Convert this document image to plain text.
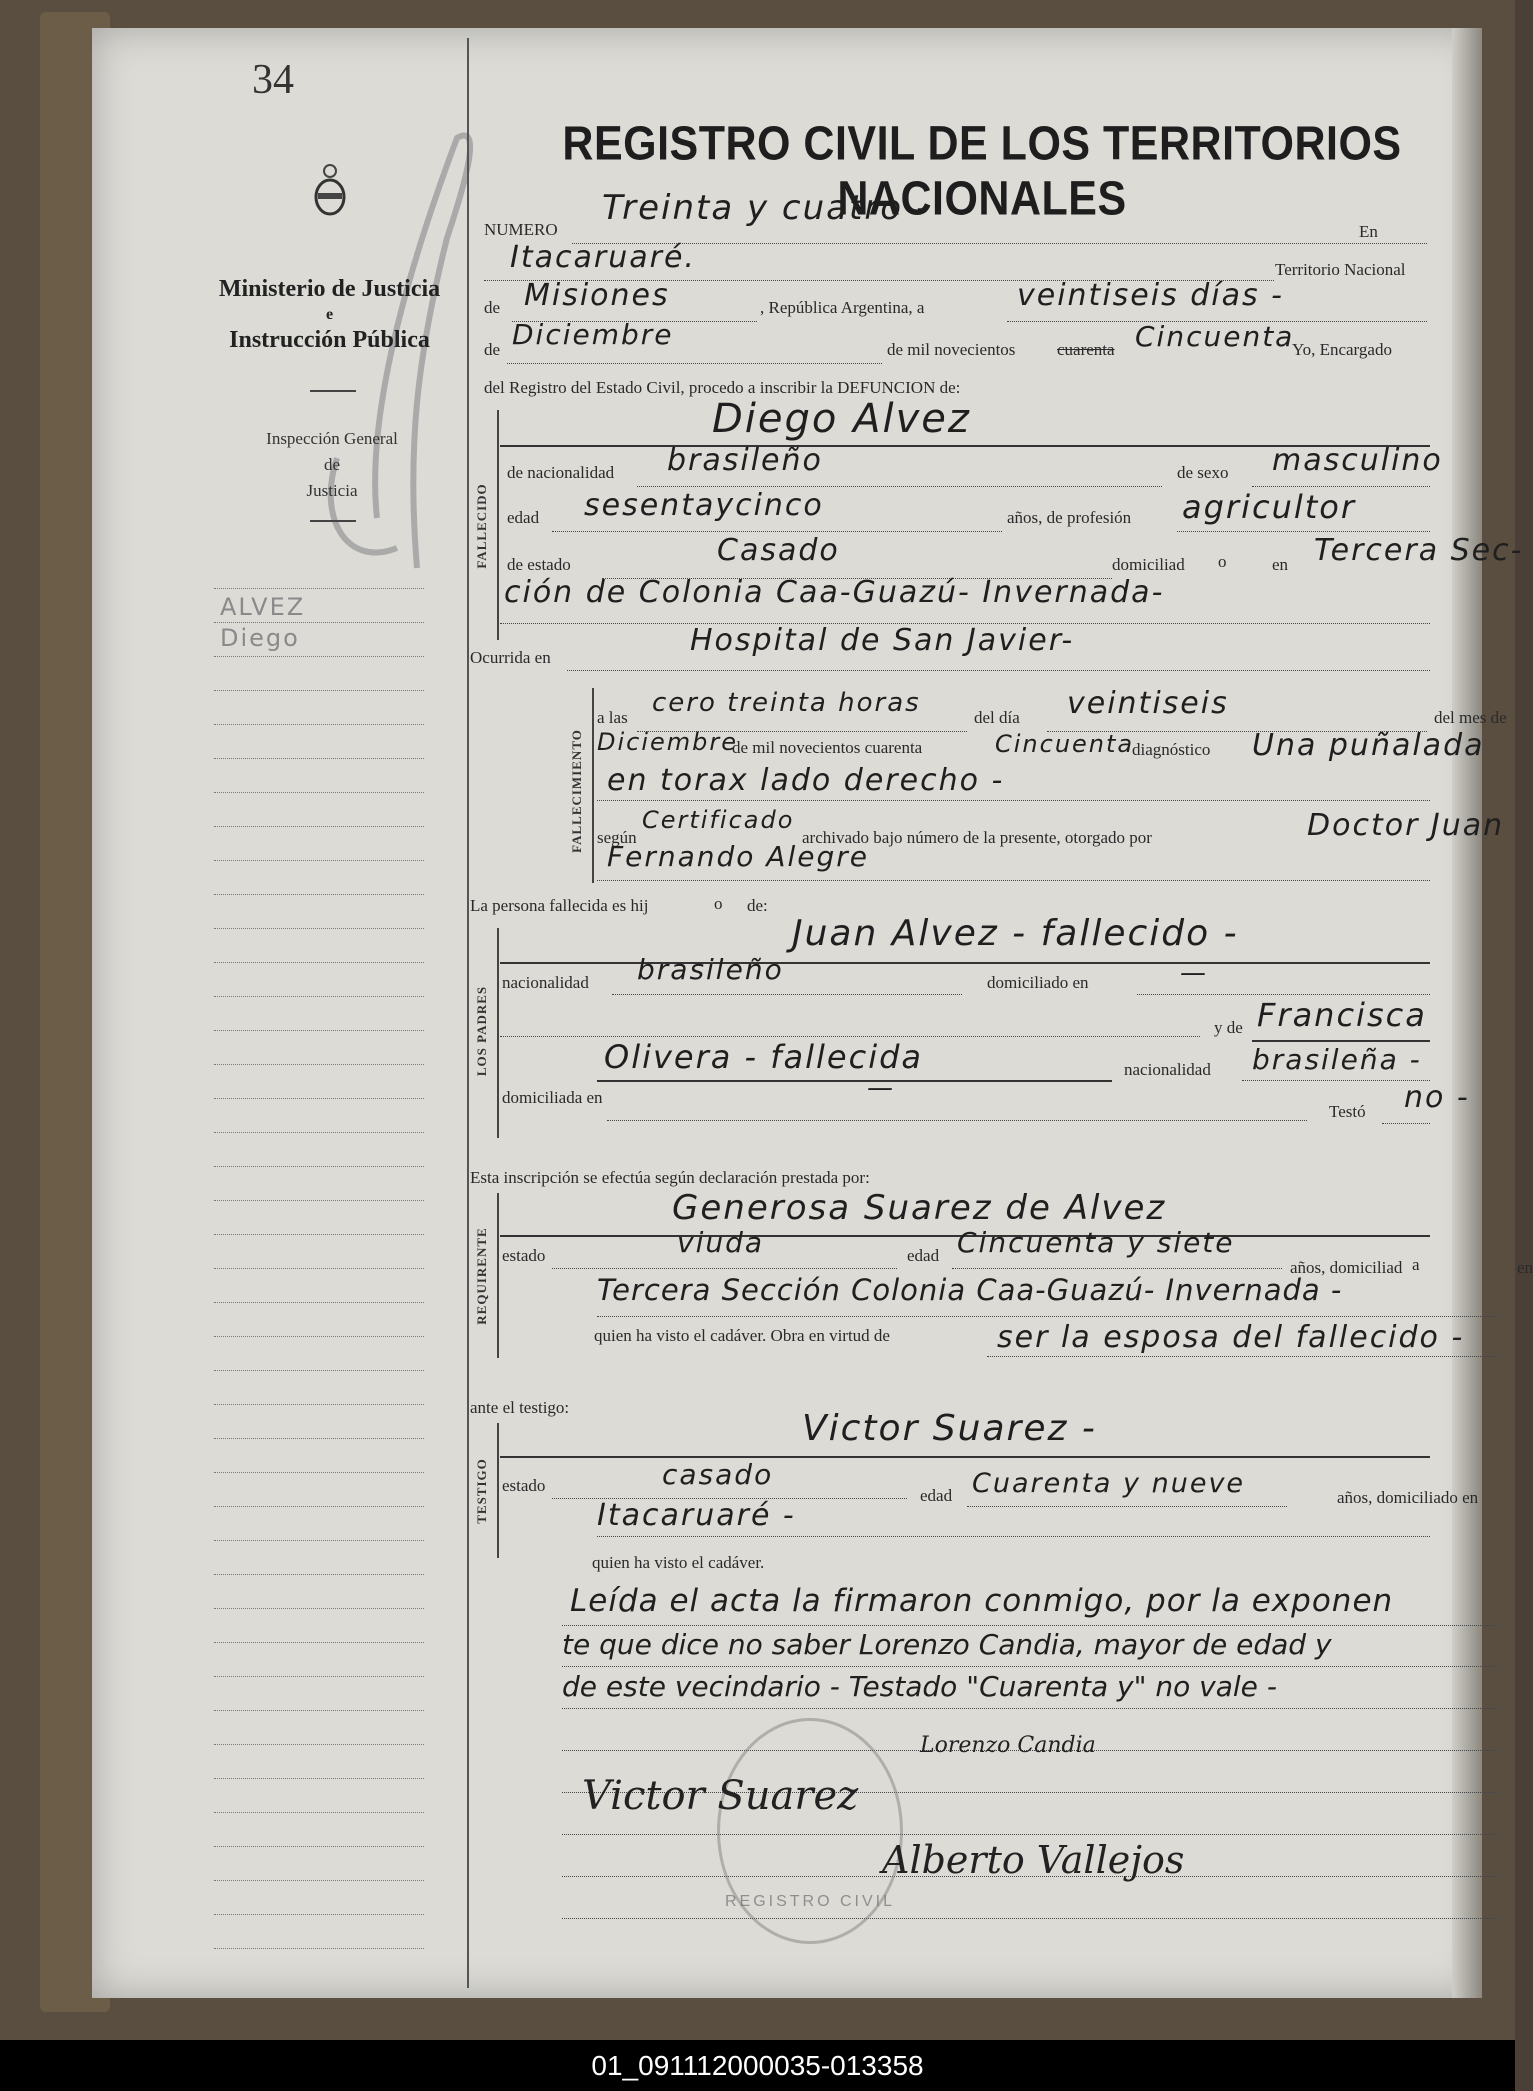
34
Ministerio de Justicia
e
Instrucción Pública
Inspección General
de
Justicia
ALVEZ
Diego
REGISTRO CIVIL DE LOS TERRITORIOS NACIONALES
NUMERO
Treinta y cuatro -
En
Itacaruaré.	Territorio Nacional
de Misiones	, República Argentina, a	veintiseis días -
de Diciembre	de mil novecientos cuarenta Cincuenta
Yo, Encargado
del Registro del Estado Civil, procedo a inscribir la DEFUNCION de:
FALLECIDO
Diego Alvez
de nacionalidad brasileño	de sexo masculino
edad sesentaycinco	años, de profesión agricultor
de estado	Casado	domiciliad o	en Tercera Sec-
ción de Colonia Caa-Guazú- Invernada-
Ocurrida en	Hospital de San Javier-
FALLECIMIENTO
a las cero treinta horas	del día veintiseis	del mes de
Diciembre
de mil novecientos cuarenta	Cincuenta
diagnóstico Una puñalada
en torax lado derecho -
según
Certificado
archivado bajo número de la presente, otorgado por	Doctor Juan
Fernando Alegre
La persona fallecida es hij	o de:
LOS PADRES
Juan Alvez - fallecido -
nacionalidad brasileño	domiciliado en	—
y de Francisca
Olivera - fallecida	nacionalidad brasileña -
domiciliada en	—
Testó no -
Esta inscripción se efectúa según declaración prestada por:
REQUIRENTE
Generosa Suarez de Alvez
estado	viuda	edad Cincuenta y siete
años, domiciliad a	en
Tercera Sección Colonia Caa-Guazú- Invernada -
quien ha visto el cadáver. Obra en virtud de	ser la esposa del fallecido -
ante el testigo:
TESTIGO
Victor Suarez -
estado	casado
edad Cuarenta y nueve	años, domiciliado en
Itacaruaré -
quien ha visto el cadáver.
Leída el acta la firmaron conmigo, por la exponen
te que dice no saber Lorenzo Candia, mayor de edad y
de este vecindario - Testado "Cuarenta y" no vale -
REGISTRO CIVIL
Lorenzo Candia
Victor Suarez
Alberto Vallejos
01_091112000035-013358
